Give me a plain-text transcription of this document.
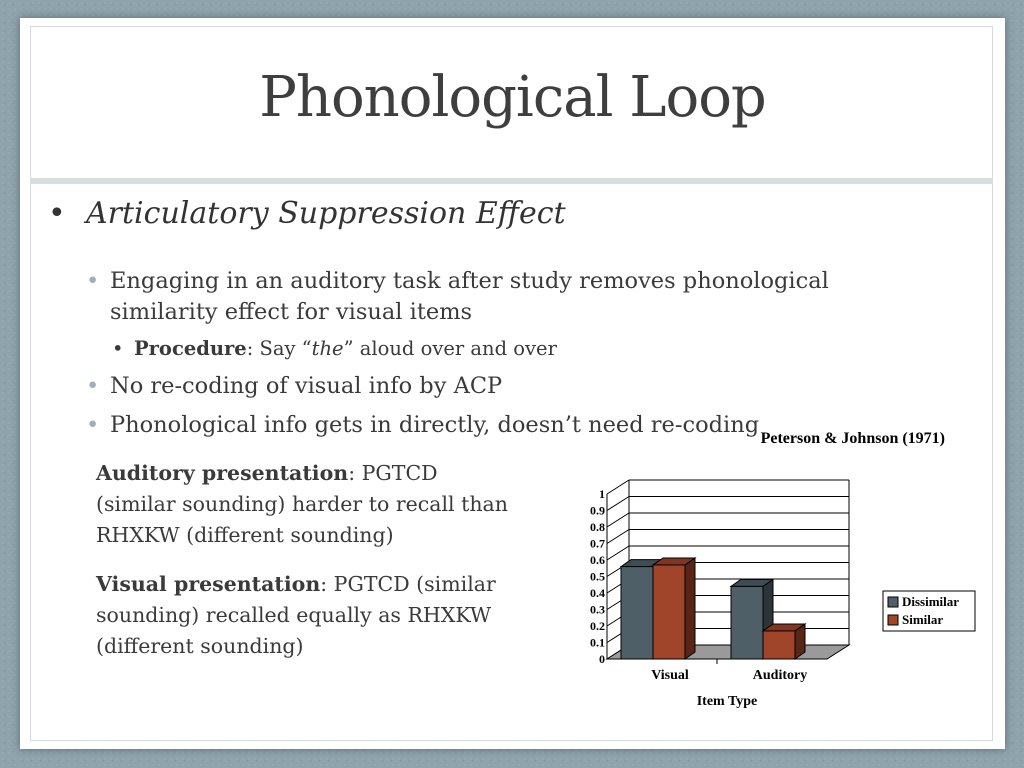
Phonological Loop
• Articulatory Suppression Effect
• Engaging in an auditory task after study removes phonological similarity effect for visual items
• Procedure: Say “the” aloud over and over
• No re-coding of visual info by ACP
• Phonological info gets in directly, doesn’t need re-coding
Auditory presentation: PGTCD (similar sounding) harder to recall than RHXKW (different sounding)
Visual presentation: PGTCD (similar sounding) recalled equally as RHXKW (different sounding)
Peterson & Johnson (1971)
0
0.1
0.2
0.3
0.4
0.5
0.6
0.7
0.8
0.9
1
Visual	Auditory
Item Type
Dissimilar
Similar
